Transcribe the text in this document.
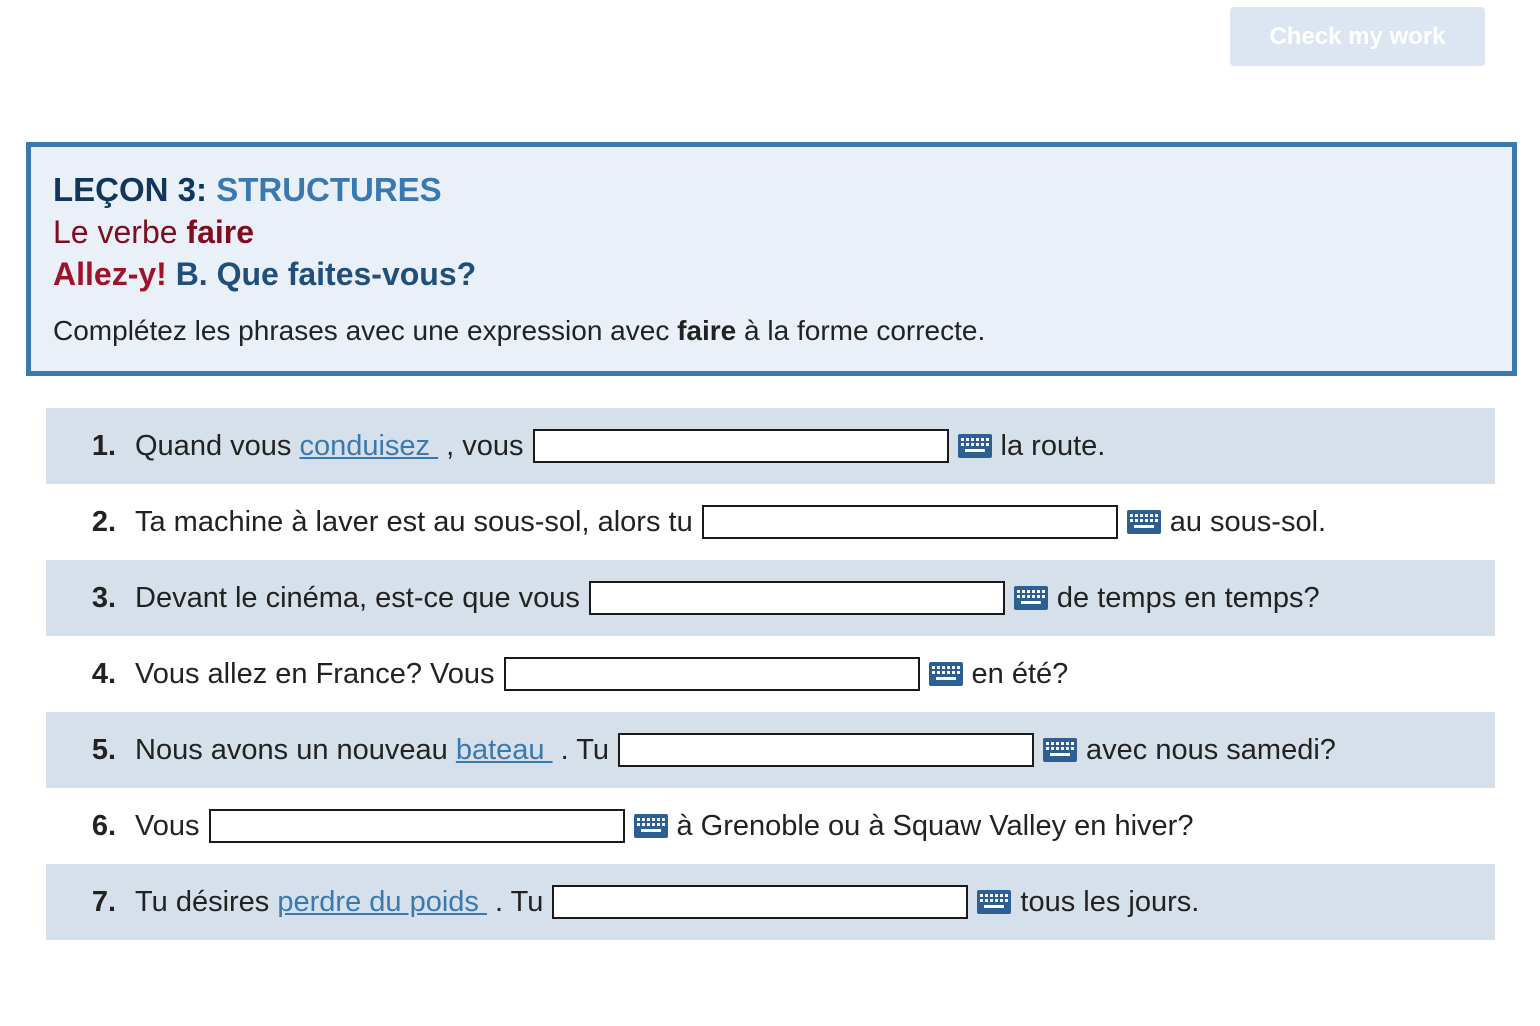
Check my work
LEÇON 3: STRUCTURES
Le verbe faire
Allez-y! B. Que faites-vous?
Complétez les phrases avec une expression avec faire à la forme correcte.
1. Quand vous conduisez , vous	la route.
2. Ta machine à laver est au sous-sol, alors tu	au sous-sol.
3. Devant le cinéma, est-ce que vous	de temps en temps?
4. Vous allez en France? Vous	en été?
5. Nous avons un nouveau bateau . Tu	avec nous samedi?
6. Vous	à Grenoble ou à Squaw Valley en hiver?
7. Tu désires perdre du poids . Tu	tous les jours.
